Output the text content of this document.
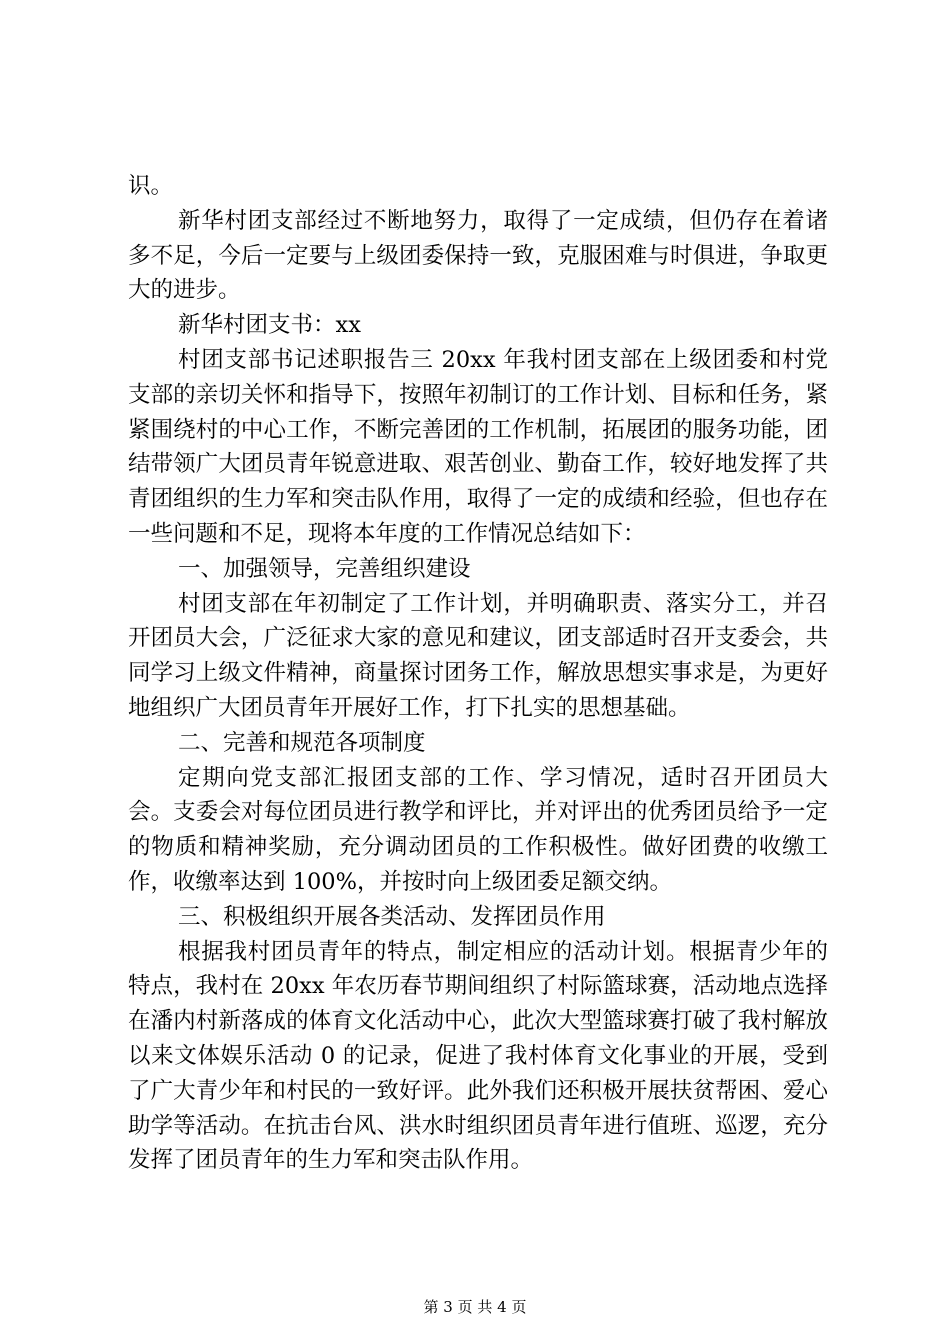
识。

新华村团支部经过不断地努力，取得了一定成绩，但仍存在着诸多不足，今后一定要与上级团委保持一致，克服困难与时俱进，争取更大的进步。

新华村团支书：xx

村团支部书记述职报告三 20xx 年我村团支部在上级团委和村党支部的亲切关怀和指导下，按照年初制订的工作计划、目标和任务，紧紧围绕村的中心工作，不断完善团的工作机制，拓展团的服务功能，团结带领广大团员青年锐意进取、艰苦创业、勤奋工作，较好地发挥了共青团组织的生力军和突击队作用，取得了一定的成绩和经验，但也存在一些问题和不足，现将本年度的工作情况总结如下：

一、加强领导，完善组织建设

村团支部在年初制定了工作计划，并明确职责、落实分工，并召开团员大会，广泛征求大家的意见和建议，团支部适时召开支委会，共同学习上级文件精神，商量探讨团务工作，解放思想实事求是，为更好地组织广大团员青年开展好工作，打下扎实的思想基础。

二、完善和规范各项制度

定期向党支部汇报团支部的工作、学习情况，适时召开团员大会。支委会对每位团员进行教学和评比，并对评出的优秀团员给予一定的物质和精神奖励，充分调动团员的工作积极性。做好团费的收缴工作，收缴率达到 100%，并按时向上级团委足额交纳。

三、积极组织开展各类活动、发挥团员作用

根据我村团员青年的特点，制定相应的活动计划。根据青少年的特点，我村在 20xx 年农历春节期间组织了村际篮球赛，活动地点选择在潘内村新落成的体育文化活动中心，此次大型篮球赛打破了我村解放以来文体娱乐活动 0 的记录，促进了我村体育文化事业的开展，受到了广大青少年和村民的一致好评。此外我们还积极开展扶贫帮困、爱心助学等活动。在抗击台风、洪水时组织团员青年进行值班、巡逻，充分发挥了团员青年的生力军和突击队作用。

第 3 页 共 4 页
